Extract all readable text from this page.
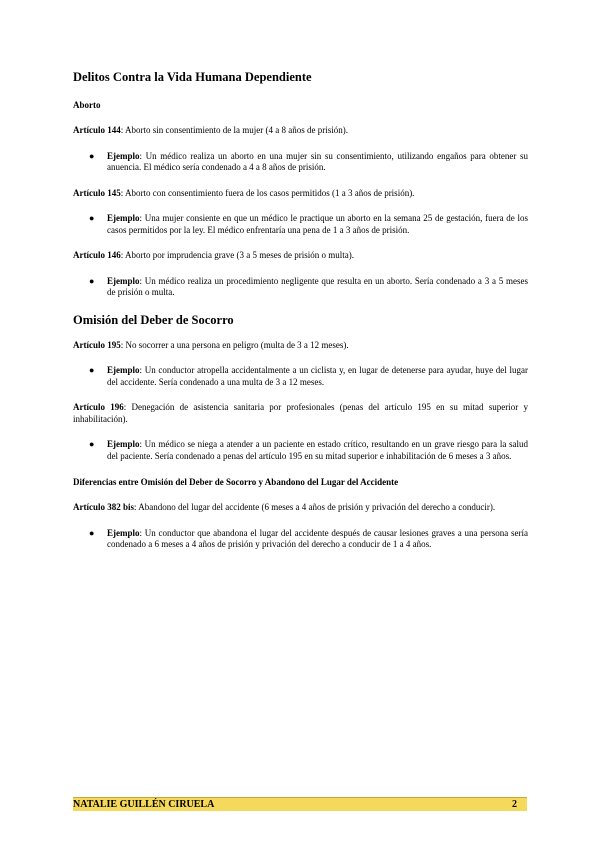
Delitos Contra la Vida Humana Dependiente
Aborto

Artículo 144: Aborto sin consentimiento de la mujer (4 a 8 años de prisión).

● Ejemplo: Un médico realiza un aborto en una mujer sin su consentimiento, utilizando engaños para obtener su anuencia. El médico sería condenado a 4 a 8 años de prisión.

Artículo 145: Aborto con consentimiento fuera de los casos permitidos (1 a 3 años de prisión).

● Ejemplo: Una mujer consiente en que un médico le practique un aborto en la semana 25 de gestación, fuera de los casos permitidos por la ley. El médico enfrentaría una pena de 1 a 3 años de prisión.

Artículo 146: Aborto por imprudencia grave (3 a 5 meses de prisión o multa).

● Ejemplo: Un médico realiza un procedimiento negligente que resulta en un aborto. Sería condenado a 3 a 5 meses de prisión o multa.
Omisión del Deber de Socorro

Artículo 195: No socorrer a una persona en peligro (multa de 3 a 12 meses).

● Ejemplo: Un conductor atropella accidentalmente a un ciclista y, en lugar de detenerse para ayudar, huye del lugar del accidente. Sería condenado a una multa de 3 a 12 meses.

Artículo 196: Denegación de asistencia sanitaria por profesionales (penas del artículo 195 en su mitad superior y inhabilitación).

● Ejemplo: Un médico se niega a atender a un paciente en estado crítico, resultando en un grave riesgo para la salud del paciente. Sería condenado a penas del artículo 195 en su mitad superior e inhabilitación de 6 meses a 3 años.
Diferencias entre Omisión del Deber de Socorro y Abandono del Lugar del Accidente

Artículo 382 bis: Abandono del lugar del accidente (6 meses a 4 años de prisión y privación del derecho a conducir).

● Ejemplo: Un conductor que abandona el lugar del accidente después de causar lesiones graves a una persona sería condenado a 6 meses a 4 años de prisión y privación del derecho a conducir de 1 a 4 años.
NATALIE GUILLÉN CIRUELA	2
